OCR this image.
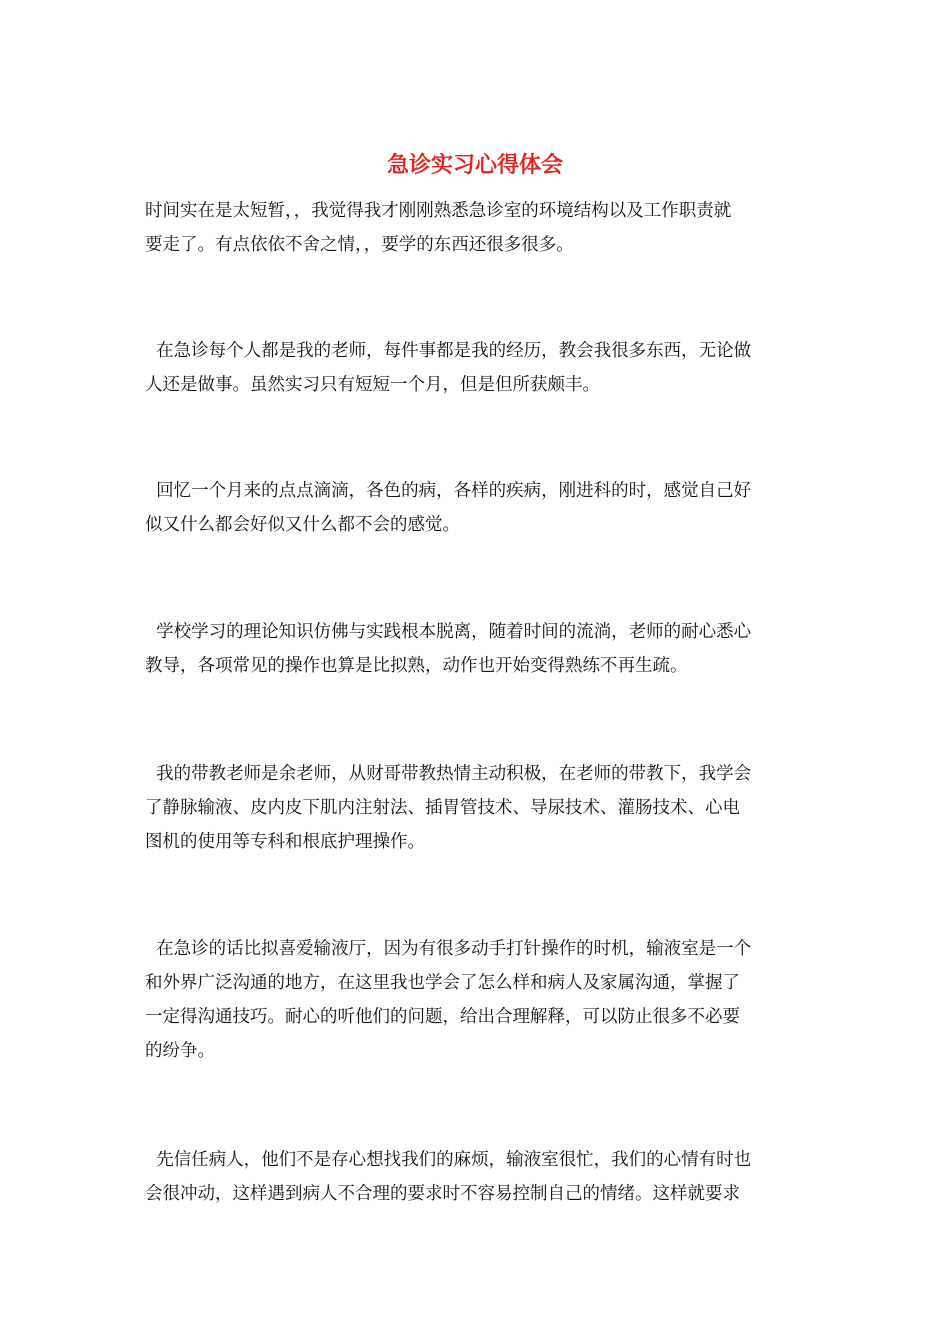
急诊实习心得体会

时间实在是太短暂，，我觉得我才刚刚熟悉急诊室的环境结构以及工作职责就
要走了。有点依依不舍之情，，要学的东西还很多很多。

在急诊每个人都是我的老师，每件事都是我的经历，教会我很多东西，无论做
人还是做事。虽然实习只有短短一个月，但是但所获颇丰。

回忆一个月来的点点滴滴，各色的病，各样的疾病，刚进科的时，感觉自己好
似又什么都会好似又什么都不会的感觉。

学校学习的理论知识仿佛与实践根本脱离，随着时间的流淌，老师的耐心悉心
教导，各项常见的操作也算是比拟熟，动作也开始变得熟练不再生疏。

我的带教老师是余老师，从财哥带教热情主动积极，在老师的带教下，我学会
了静脉输液、皮内皮下肌内注射法、插胃管技术、导尿技术、灌肠技术、心电
图机的使用等专科和根底护理操作。

在急诊的话比拟喜爱输液厅，因为有很多动手打针操作的时机，输液室是一个
和外界广泛沟通的地方，在这里我也学会了怎么样和病人及家属沟通，掌握了
一定得沟通技巧。耐心的听他们的问题，给出合理解释，可以防止很多不必要
的纷争。

先信任病人，他们不是存心想找我们的麻烦，输液室很忙，我们的心情有时也
会很冲动，这样遇到病人不合理的要求时不容易控制自己的情绪。这样就要求
